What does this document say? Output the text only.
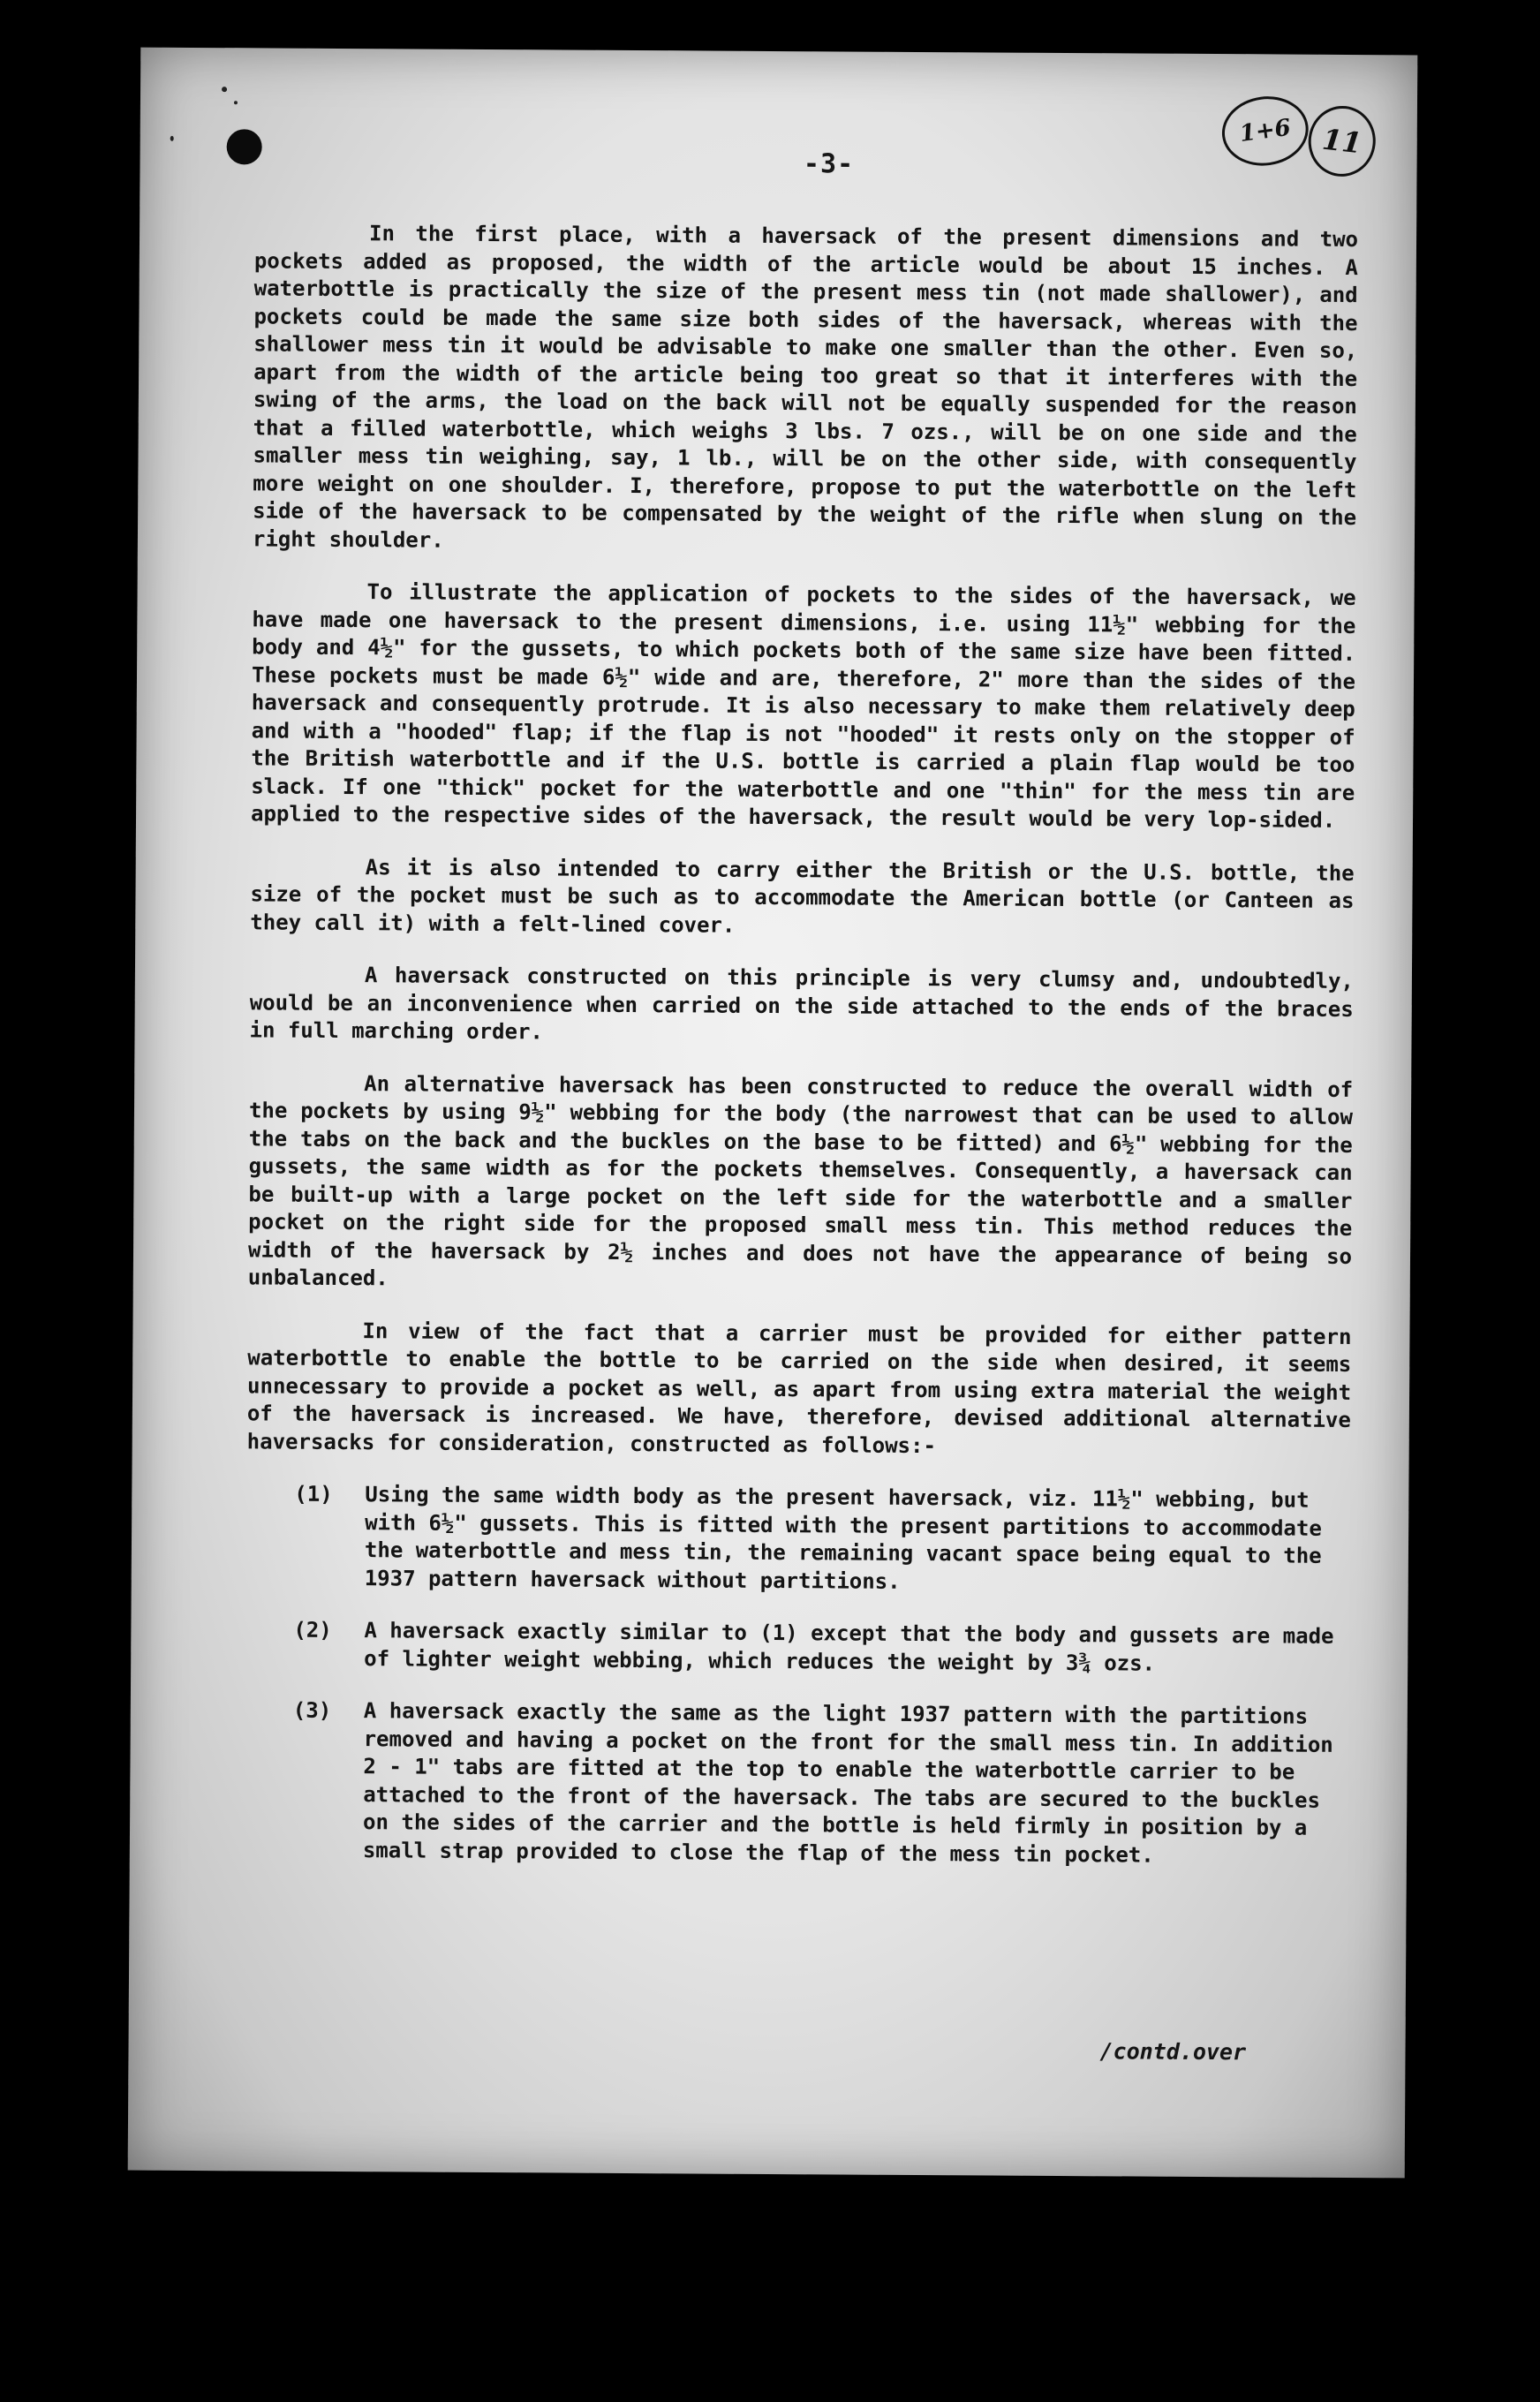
-3-
1+6 11

In the first place, with a haversack of the present dimensions and two pockets added as proposed, the width of the article would be about 15 inches. A waterbottle is practically the size of the present mess tin (not made shallower), and pockets could be made the same size both sides of the haversack, whereas with the shallower mess tin it would be advisable to make one smaller than the other. Even so, apart from the width of the article being too great so that it interferes with the swing of the arms, the load on the back will not be equally suspended for the reason that a filled waterbottle, which weighs 3 lbs. 7 ozs., will be on one side and the smaller mess tin weighing, say, 1 lb., will be on the other side, with consequently more weight on one shoulder. I, therefore, propose to put the waterbottle on the left side of the haversack to be compensated by the weight of the rifle when slung on the right shoulder.

To illustrate the application of pockets to the sides of the haversack, we have made one haversack to the present dimensions, i.e. using 11½" webbing for the body and 4½" for the gussets, to which pockets both of the same size have been fitted. These pockets must be made 6½" wide and are, therefore, 2" more than the sides of the haversack and consequently protrude. It is also necessary to make them relatively deep and with a "hooded" flap; if the flap is not "hooded" it rests only on the stopper of the British waterbottle and if the U.S. bottle is carried a plain flap would be too slack. If one "thick" pocket for the waterbottle and one "thin" for the mess tin are applied to the respective sides of the haversack, the result would be very lop-sided.

As it is also intended to carry either the British or the U.S. bottle, the size of the pocket must be such as to accommodate the American bottle (or Canteen as they call it) with a felt-lined cover.

A haversack constructed on this principle is very clumsy and, undoubtedly, would be an inconvenience when carried on the side attached to the ends of the braces in full marching order.

An alternative haversack has been constructed to reduce the overall width of the pockets by using 9½" webbing for the body (the narrowest that can be used to allow the tabs on the back and the buckles on the base to be fitted) and 6½" webbing for the gussets, the same width as for the pockets themselves. Consequently, a haversack can be built-up with a large pocket on the left side for the waterbottle and a smaller pocket on the right side for the proposed small mess tin. This method reduces the width of the haversack by 2½ inches and does not have the appearance of being so unbalanced.

In view of the fact that a carrier must be provided for either pattern waterbottle to enable the bottle to be carried on the side when desired, it seems unnecessary to provide a pocket as well, as apart from using extra material the weight of the haversack is increased. We have, therefore, devised additional alternative haversacks for consideration, constructed as follows:-

(1)	Using the same width body as the present haversack, viz. 11½" webbing, but with 6½" gussets. This is fitted with the present partitions to accommodate the waterbottle and mess tin, the remaining vacant space being equal to the 1937 pattern haversack without partitions.
(2)	A haversack exactly similar to (1) except that the body and gussets are made of lighter weight webbing, which reduces the weight by 3¾ ozs.
(3)	A haversack exactly the same as the light 1937 pattern with the partitions removed and having a pocket on the front for the small mess tin. In addition 2 - 1" tabs are fitted at the top to enable the waterbottle carrier to be attached to the front of the haversack. The tabs are secured to the buckles on the sides of the carrier and the bottle is held firmly in position by a small strap provided to close the flap of the mess tin pocket.
/contd.over
